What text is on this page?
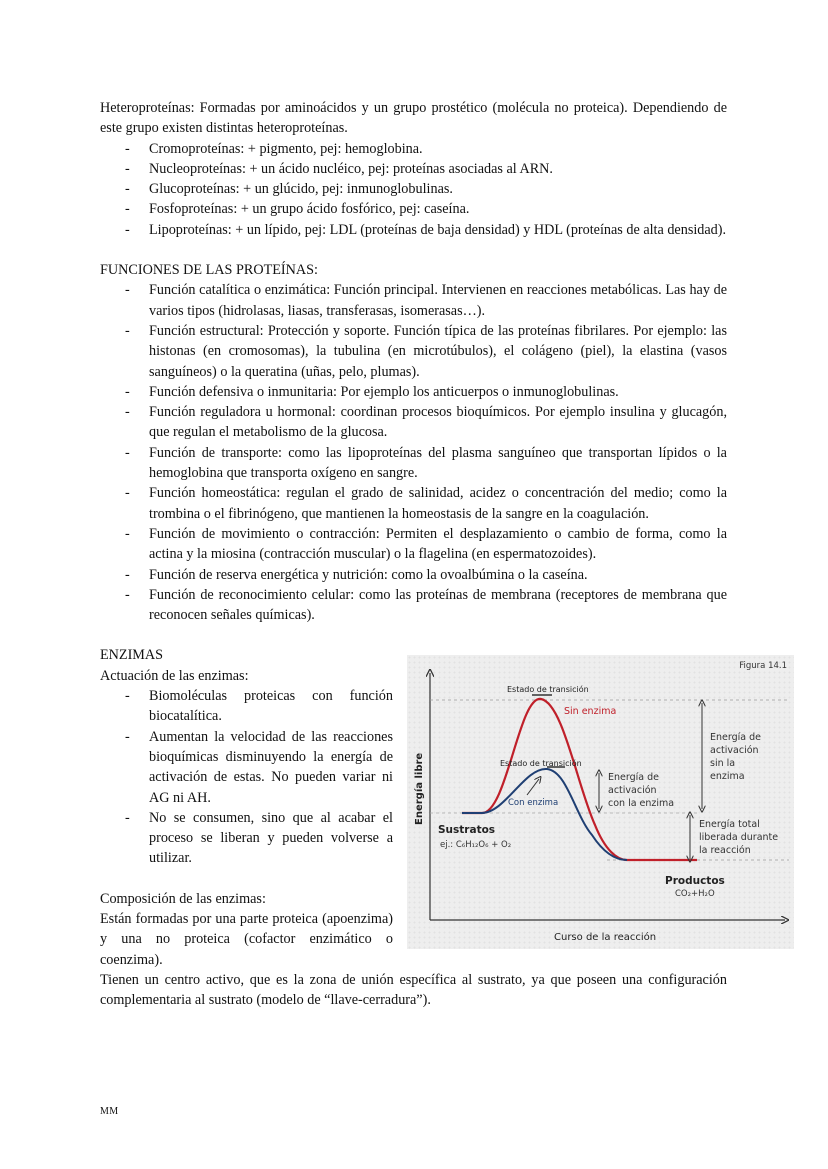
Heteroproteínas: Formadas por aminoácidos y un grupo prostético (molécula no proteica). Dependiendo de este grupo existen distintas heteroproteínas.

- Cromoproteínas: + pigmento, pej: hemoglobina.
- Nucleoproteínas: + un ácido nucléico, pej: proteínas asociadas al ARN.
- Glucoproteínas: + un glúcido, pej: inmunoglobulinas.
- Fosfoproteínas: + un grupo ácido fosfórico, pej: caseína.
- Lipoproteínas: + un lípido, pej: LDL (proteínas de baja densidad) y HDL (proteínas de alta densidad).

FUNCIONES DE LAS PROTEÍNAS:

- Función catalítica o enzimática: Función principal. Intervienen en reacciones metabólicas. Las hay de varios tipos (hidrolasas, liasas, transferasas, isomerasas…).
- Función estructural: Protección y soporte. Función típica de las proteínas fibrilares. Por ejemplo: las histonas (en cromosomas), la tubulina (en microtúbulos), el colágeno (piel), la elastina (vasos sanguíneos) o la queratina (uñas, pelo, plumas).
- Función defensiva o inmunitaria: Por ejemplo los anticuerpos o inmunoglobulinas.
- Función reguladora u hormonal: coordinan procesos bioquímicos. Por ejemplo insulina y glucagón, que regulan el metabolismo de la glucosa.
- Función de transporte: como las lipoproteínas del plasma sanguíneo que transportan lípidos o la hemoglobina que transporta oxígeno en sangre.
- Función homeostática: regulan el grado de salinidad, acidez o concentración del medio; como la trombina o el fibrinógeno, que mantienen la homeostasis de la sangre en la coagulación.
- Función de movimiento o contracción: Permiten el desplazamiento o cambio de forma, como la actina y la miosina (contracción muscular) o la flagelina (en espermatozoides).
- Función de reserva energética y nutrición: como la ovoalbúmina o la caseína.
- Función de reconocimiento celular: como las proteínas de membrana (receptores de membrana que reconocen señales químicas).

ENZIMAS

Actuación de las enzimas:

- Biomoléculas proteicas con función biocatalítica.
- Aumentan la velocidad de las reacciones bioquímicas disminuyendo la energía de activación de estas. No pueden variar ni AG ni AH.
- No se consumen, sino que al acabar el proceso se liberan y pueden volverse a utilizar.

Composición de las enzimas:

Están formadas por una parte proteica (apoenzima) y una no proteica (cofactor enzimático o coenzima).

Tienen un centro activo, que es la zona de unión específica al sustrato, ya que poseen una configuración complementaria al sustrato (modelo de “llave-cerradura”).

Figura 14.1
Estado de transición
Sin enzima
Estado de transición
Con enzima
Energía de
activación
con la enzima
Energía de
activación
sin la
enzima
Energía total
liberada durante
la reacción
Sustratos
ej.: C₆H₁₂O₆ + O₂
Productos
CO₂+H₂O
Curso de la reacción
Energía libre
MM
